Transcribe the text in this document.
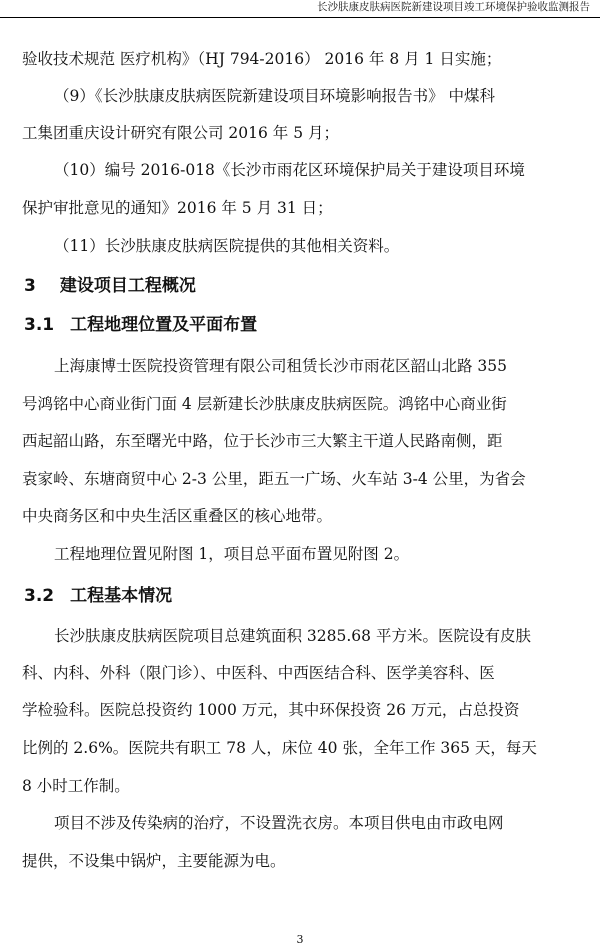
长沙肤康皮肤病医院新建设项目竣工环境保护验收监测报告
验收技术规范 医疗机构》（HJ 794-2016） 2016 年 8 月 1 日实施；
（9）《长沙肤康皮肤病医院新建设项目环境影响报告书》 中煤科
工集团重庆设计研究有限公司 2016 年 5 月；
（10）编号 2016-018《长沙市雨花区环境保护局关于建设项目环境
保护审批意见的通知》2016 年 5 月 31 日；
（11）长沙肤康皮肤病医院提供的其他相关资料。
3 建设项目工程概况
3.1 工程地理位置及平面布置
上海康博士医院投资管理有限公司租赁长沙市雨花区韶山北路 355
号鸿铭中心商业街门面 4 层新建长沙肤康皮肤病医院。鸿铭中心商业街
西起韶山路，东至曙光中路，位于长沙市三大繁主干道人民路南侧，距
袁家岭、东塘商贸中心 2-3 公里，距五一广场、火车站 3-4 公里，为省会
中央商务区和中央生活区重叠区的核心地带。
工程地理位置见附图 1，项目总平面布置见附图 2。
3.2 工程基本情况
长沙肤康皮肤病医院项目总建筑面积 3285.68 平方米。医院设有皮肤
科、内科、外科（限门诊）、中医科、中西医结合科、医学美容科、医
学检验科。医院总投资约 1000 万元，其中环保投资 26 万元，占总投资
比例的 2.6%。医院共有职工 78 人，床位 40 张，全年工作 365 天，每天
8 小时工作制。
项目不涉及传染病的治疗，不设置洗衣房。本项目供电由市政电网
提供，不设集中锅炉，主要能源为电。
3
